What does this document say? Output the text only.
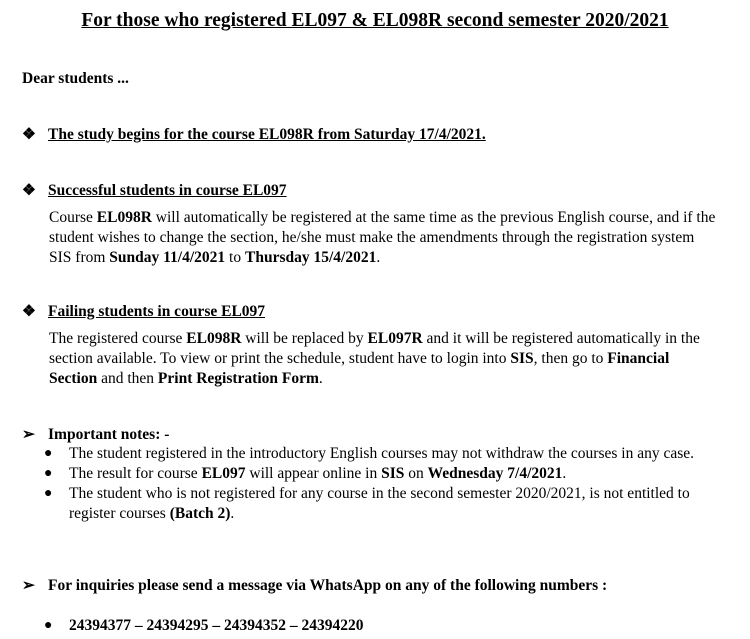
For those who registered EL097 & EL098R second semester 2020/2021
Dear students ...
❖ The study begins for the course EL098R from Saturday 17/4/2021.
❖ Successful students in course EL097
Course EL098R will automatically be registered at the same time as the previous English course, and if the student wishes to change the section, he/she must make the amendments through the registration system SIS from Sunday 11/4/2021 to Thursday 15/4/2021.
❖ Failing students in course EL097
The registered course EL098R will be replaced by EL097R and it will be registered automatically in the section available. To view or print the schedule, student have to login into SIS, then go to Financial Section and then Print Registration Form.
➢ Important notes: -
●	The student registered in the introductory English courses may not withdraw the courses in any case.
●	The result for course EL097 will appear online in SIS on Wednesday 7/4/2021.
●	The student who is not registered for any course in the second semester 2020/2021, is not entitled to register courses (Batch 2).
➢ For inquiries please send a message via WhatsApp on any of the following numbers :
●	24394377 – 24394295 – 24394352 – 24394220
